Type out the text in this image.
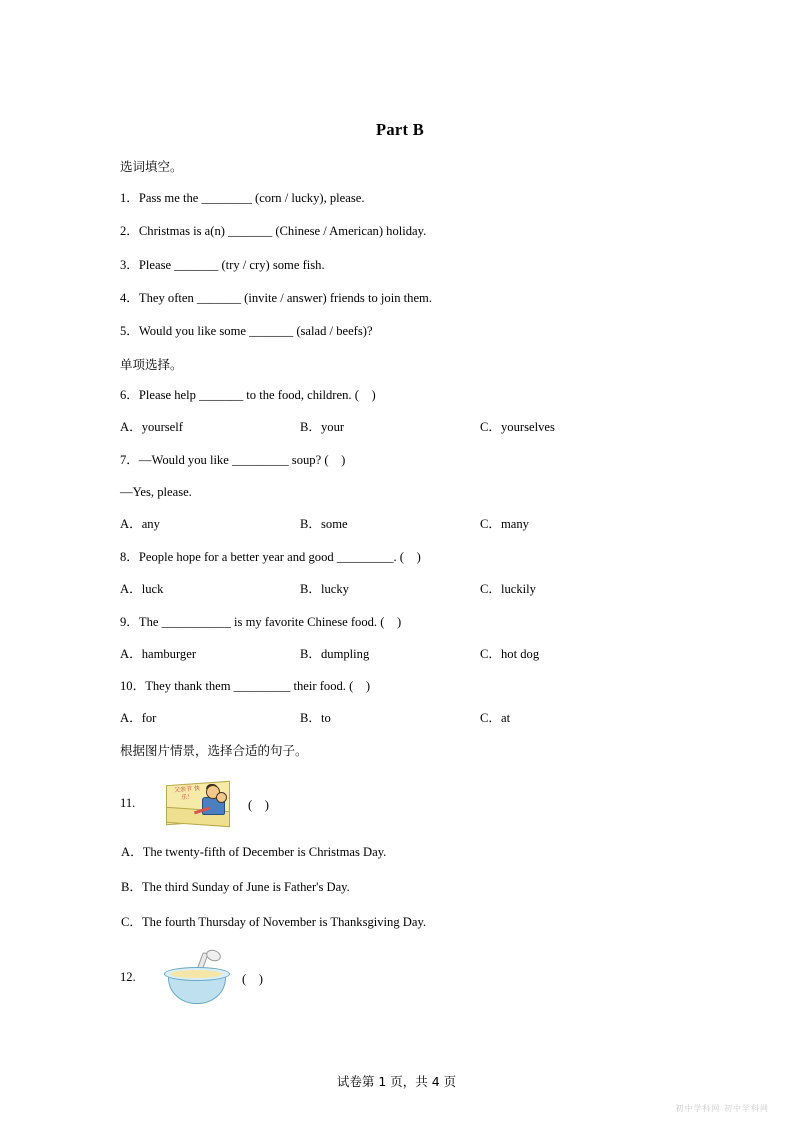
Part B
选词填空。
1．Pass me the ________ (corn / lucky), please.
2．Christmas is a(n) _______ (Chinese / American) holiday.
3．Please _______ (try / cry) some fish.
4．They often _______ (invite / answer) friends to join them.
5．Would you like some _______ (salad / beefs)?
单项选择。
6．Please help _______ to the food, children. (　)
A．yourself	B．your	C．yourselves
7．—Would you like _________ soup? (　)
—Yes, please.
A．any	B．some	C．many
8．People hope for a better year and good _________. (　)
A．luck	B．lucky	C．luckily
9．The ___________ is my favorite Chinese food. (　)
A．hamburger	B．dumpling	C．hot dog
10．They thank them _________ their food. (　)
A．for	B．to	C．at
根据图片情景，选择合适的句子。
11.
父亲节 快乐！
(　)
A．The twenty-fifth of December is Christmas Day.
B．The third Sunday of June is Father's Day.
C．The fourth Thursday of November is Thanksgiving Day.
12.	(　)
试卷第 1 页，共 4 页
初中学科网 初中学科网
